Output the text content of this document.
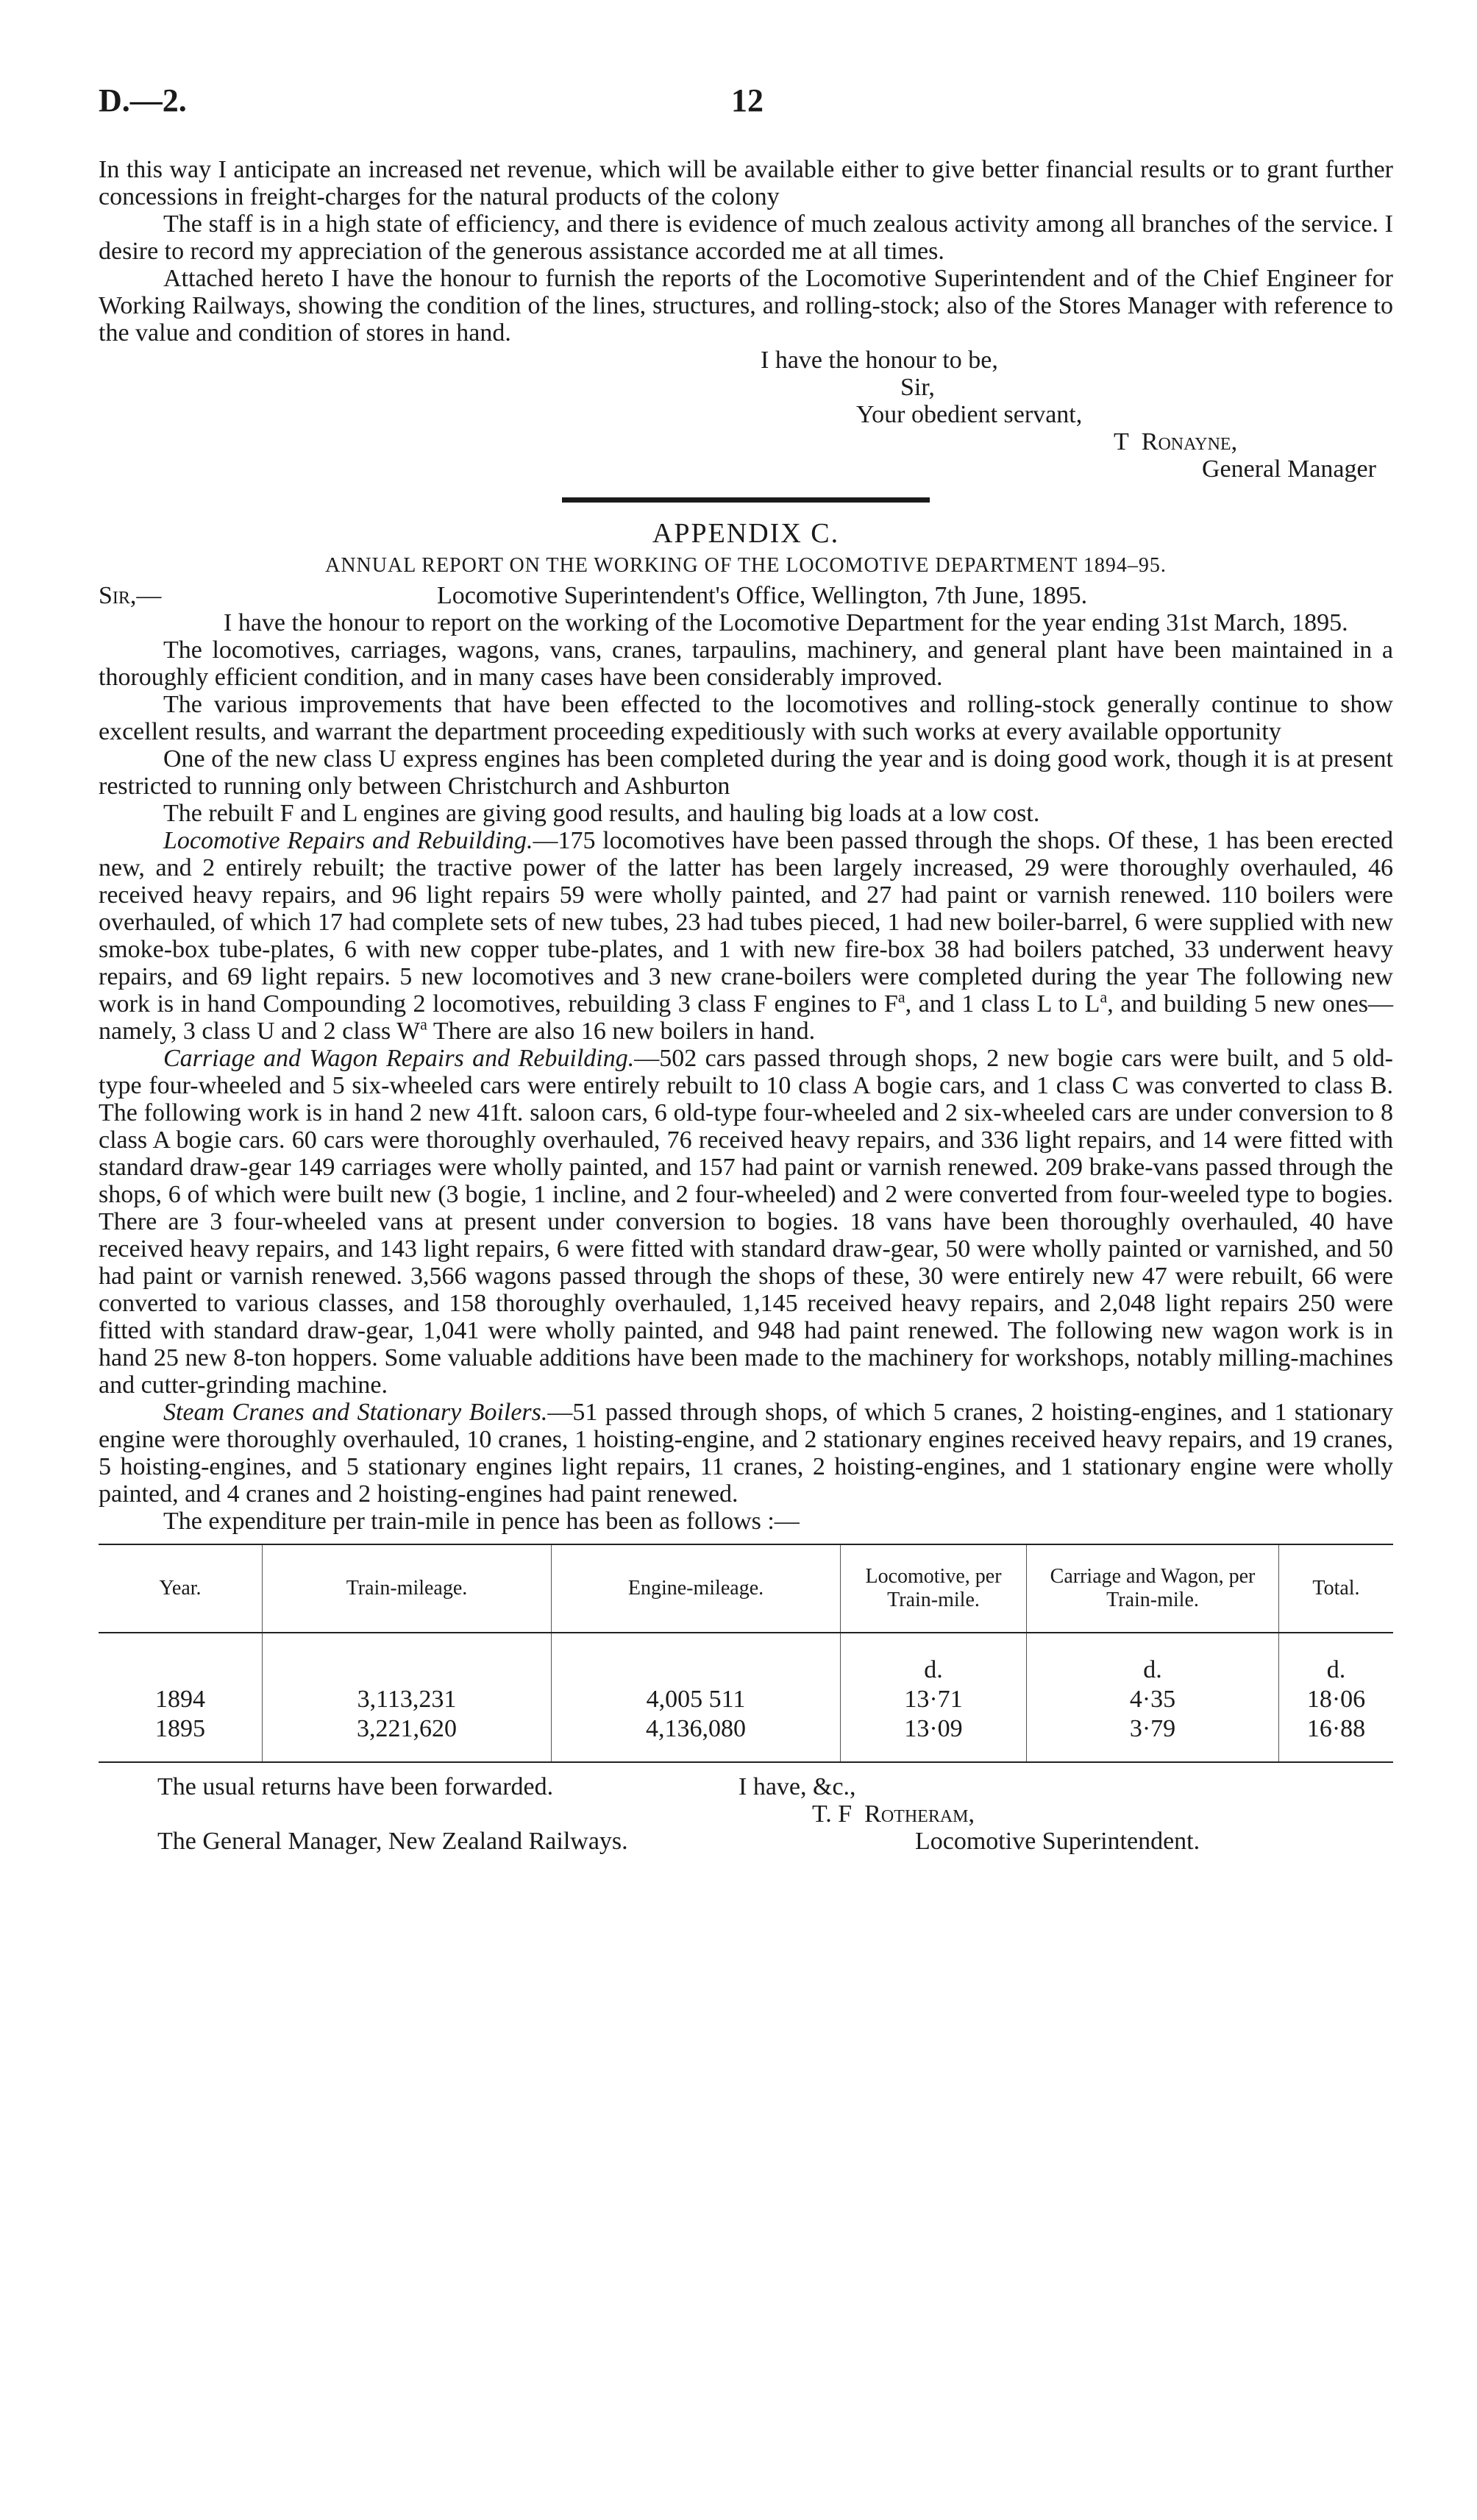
D.—2.	12

In this way I anticipate an increased net revenue, which will be available either to give better financial results or to grant further concessions in freight-charges for the natural products of the colony

The staff is in a high state of efficiency, and there is evidence of much zealous activity among all branches of the service. I desire to record my appreciation of the generous assistance accorded me at all times.

Attached hereto I have the honour to furnish the reports of the Locomotive Superintendent and of the Chief Engineer for Working Railways, showing the condition of the lines, structures, and rolling-stock; also of the Stores Manager with reference to the value and condition of stores in hand.

I have the honour to be,
Sir,
Your obedient servant,
T Ronayne,
General Manager
APPENDIX C.
ANNUAL REPORT ON THE WORKING OF THE LOCOMOTIVE DEPARTMENT 1894–95.
Sir,—	Locomotive Superintendent's Office, Wellington, 7th June, 1895.

I have the honour to report on the working of the Locomotive Department for the year ending 31st March, 1895.

The locomotives, carriages, wagons, vans, cranes, tarpaulins, machinery, and general plant have been maintained in a thoroughly efficient condition, and in many cases have been considerably improved.

The various improvements that have been effected to the locomotives and rolling-stock generally continue to show excellent results, and warrant the department proceeding expeditiously with such works at every available opportunity

One of the new class U express engines has been completed during the year and is doing good work, though it is at present restricted to running only between Christchurch and Ashburton

The rebuilt F and L engines are giving good results, and hauling big loads at a low cost.

Locomotive Repairs and Rebuilding.—175 locomotives have been passed through the shops. Of these, 1 has been erected new, and 2 entirely rebuilt; the tractive power of the latter has been largely increased, 29 were thoroughly overhauled, 46 received heavy repairs, and 96 light repairs 59 were wholly painted, and 27 had paint or varnish renewed. 110 boilers were overhauled, of which 17 had complete sets of new tubes, 23 had tubes pieced, 1 had new boiler-barrel, 6 were supplied with new smoke-box tube-plates, 6 with new copper tube-plates, and 1 with new fire-box 38 had boilers patched, 33 underwent heavy repairs, and 69 light repairs. 5 new locomotives and 3 new crane-boilers were completed during the year The following new work is in hand Compounding 2 locomotives, rebuilding 3 class F engines to $F^a$, and 1 class L to $L^a$, and building 5 new ones—namely, 3 class U and 2 class $W^a$ There are also 16 new boilers in hand.

Carriage and Wagon Repairs and Rebuilding.—502 cars passed through shops, 2 new bogie cars were built, and 5 old-type four-wheeled and 5 six-wheeled cars were entirely rebuilt to 10 class A bogie cars, and 1 class C was converted to class B. The following work is in hand 2 new 41ft. saloon cars, 6 old-type four-wheeled and 2 six-wheeled cars are under conversion to 8 class A bogie cars. 60 cars were thoroughly overhauled, 76 received heavy repairs, and 336 light repairs, and 14 were fitted with standard draw-gear 149 carriages were wholly painted, and 157 had paint or varnish renewed. 209 brake-vans passed through the shops, 6 of which were built new (3 bogie, 1 incline, and 2 four-wheeled) and 2 were converted from four-weeled type to bogies. There are 3 four-wheeled vans at present under conversion to bogies. 18 vans have been thoroughly overhauled, 40 have received heavy repairs, and 143 light repairs, 6 were fitted with standard draw-gear, 50 were wholly painted or varnished, and 50 had paint or varnish renewed. 3,566 wagons passed through the shops of these, 30 were entirely new 47 were rebuilt, 66 were converted to various classes, and 158 thoroughly overhauled, 1,145 received heavy repairs, and 2,048 light repairs 250 were fitted with standard draw-gear, 1,041 were wholly painted, and 948 had paint renewed. The following new wagon work is in hand 25 new 8-ton hoppers. Some valuable additions have been made to the machinery for workshops, notably milling-machines and cutter-grinding machine.

Steam Cranes and Stationary Boilers.—51 passed through shops, of which 5 cranes, 2 hoisting-engines, and 1 stationary engine were thoroughly overhauled, 10 cranes, 1 hoisting-engine, and 2 stationary engines received heavy repairs, and 19 cranes, 5 hoisting-engines, and 5 stationary engines light repairs, 11 cranes, 2 hoisting-engines, and 1 stationary engine were wholly painted, and 4 cranes and 2 hoisting-engines had paint renewed.

The expenditure per train-mile in pence has been as follows :—

Year.	Train-mileage.	Engine-mileage.	Locomotive, per Train-mile.	Carriage and Wagon, per Train-mile.	Total.
			d.	d.	d.
1894	3,113,231	4,005 511	13·71	4·35	18·06
1895	3,221,620	4,136,080	13·09	3·79	16·88
The usual returns have been forwarded.
The General Manager, New Zealand Railways.
I have, &c.,
T. F Rotheram,
Locomotive Superintendent.
